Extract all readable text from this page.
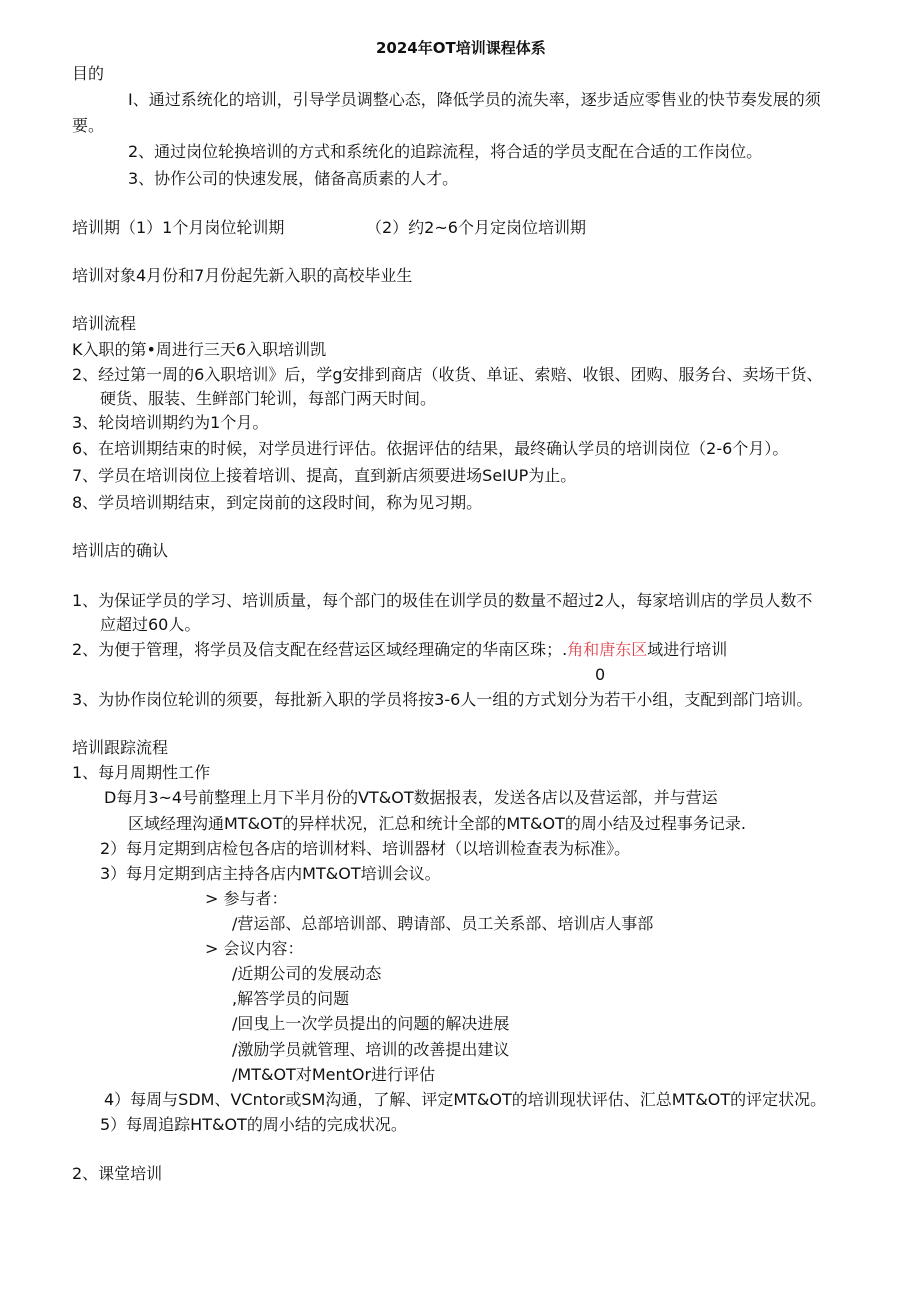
2024年OT培训课程体系
目的
I、通过系统化的培训，引导学员调整心态，降低学员的流失率，逐步适应零售业的快节奏发展的须
要。
2、通过岗位轮换培训的方式和系统化的追踪流程，将合适的学员支配在合适的工作岗位。
3、协作公司的快速发展，储备高质素的人才。
培训期（1）1个月岗位轮训期	（2）约2~6个月定岗位培训期
培训对象4月份和7月份起先新入职的高校毕业生
培训流程
K入职的第•周进行三天6入职培训凯
2、经过第一周的6入职培训》后，学g安排到商店（收货、单证、索赔、收银、团购、服务台、卖场干货、
硬货、服装、生鲜部门轮训，每部门两天时间。
3、轮岗培训期约为1个月。
6、在培训期结束的时候，对学员进行评估。依据评估的结果，最终确认学员的培训岗位（2-6个月）。
7、学员在培训岗位上接着培训、提高，直到新店须要进场SeIUP为止。
8、学员培训期结束，到定岗前的这段时间，称为见习期。
培训店的确认
1、为保证学员的学习、培训质量，每个部门的圾佳在训学员的数量不超过2人，每家培训店的学员人数不
应超过60人。
2、为便于管理，将学员及信支配在经营运区域经理确定的华南区珠；.角和唐东区域进行培训
0
3、为协作岗位轮训的须要，每批新入职的学员将按3-6人一组的方式划分为若干小组，支配到部门培训。
培训跟踪流程
1、每月周期性工作
D每月3~4号前整理上月下半月份的VT&OT数据报表，发送各店以及营运部，并与营运
区域经理沟通MT&OT的异样状况，汇总和统计全部的MT&OT的周小结及过程事务记录.
2）每月定期到店检包各店的培训材料、培训器材（以培训检查表为标准》。
3）每月定期到店主持各店内MT&OT培训会议。
> 参与者：
/营运部、总部培训部、聘请部、员工关系部、培训店人事部
> 会议内容：
/近期公司的发展动态
,解答学员的问题
/回曳上一次学员提出的问题的解决进展
/激励学员就管理、培训的改善提出建议
/MT&OT对MentOr进行评估
4）每周与SDM、VCntor或SM沟通，了解、评定MT&OT的培训现状评估、汇总MT&OT的评定状况。
5）每周追踪HT&OT的周小结的完成状况。
2、课堂培训
